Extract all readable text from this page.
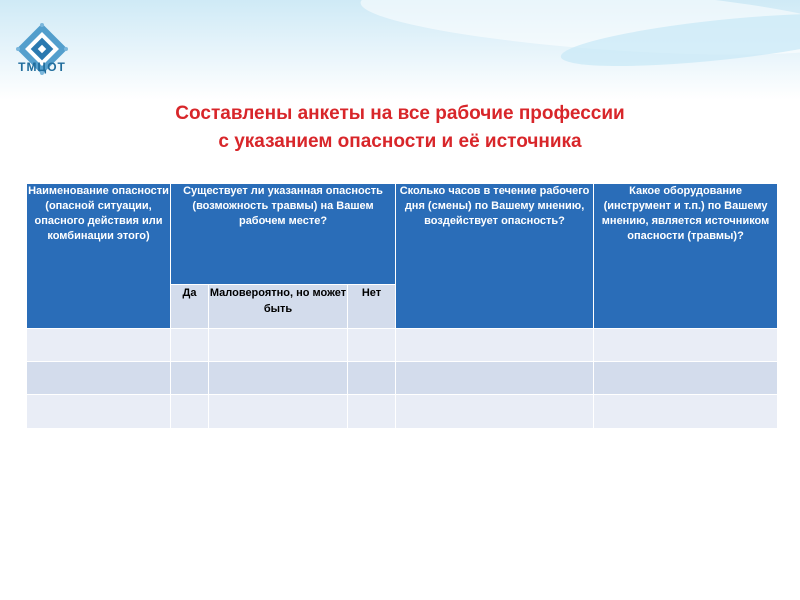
ТМЦОТ
Составлены анкеты на все рабочие профессии
с указанием опасности и её источника
Наименование опасности (опасной ситуации, опасного действия или комбинации этого)	Существует ли указанная опасность (возможность травмы) на Вашем рабочем месте?			Сколько часов в течение рабочего дня (смены) по Вашему мнению, воздействует опасность?	Какое оборудование (инструмент и т.п.) по Вашему мнению, является источником опасности (травмы)?
	Да	Маловероятно, но может быть	Нет		
